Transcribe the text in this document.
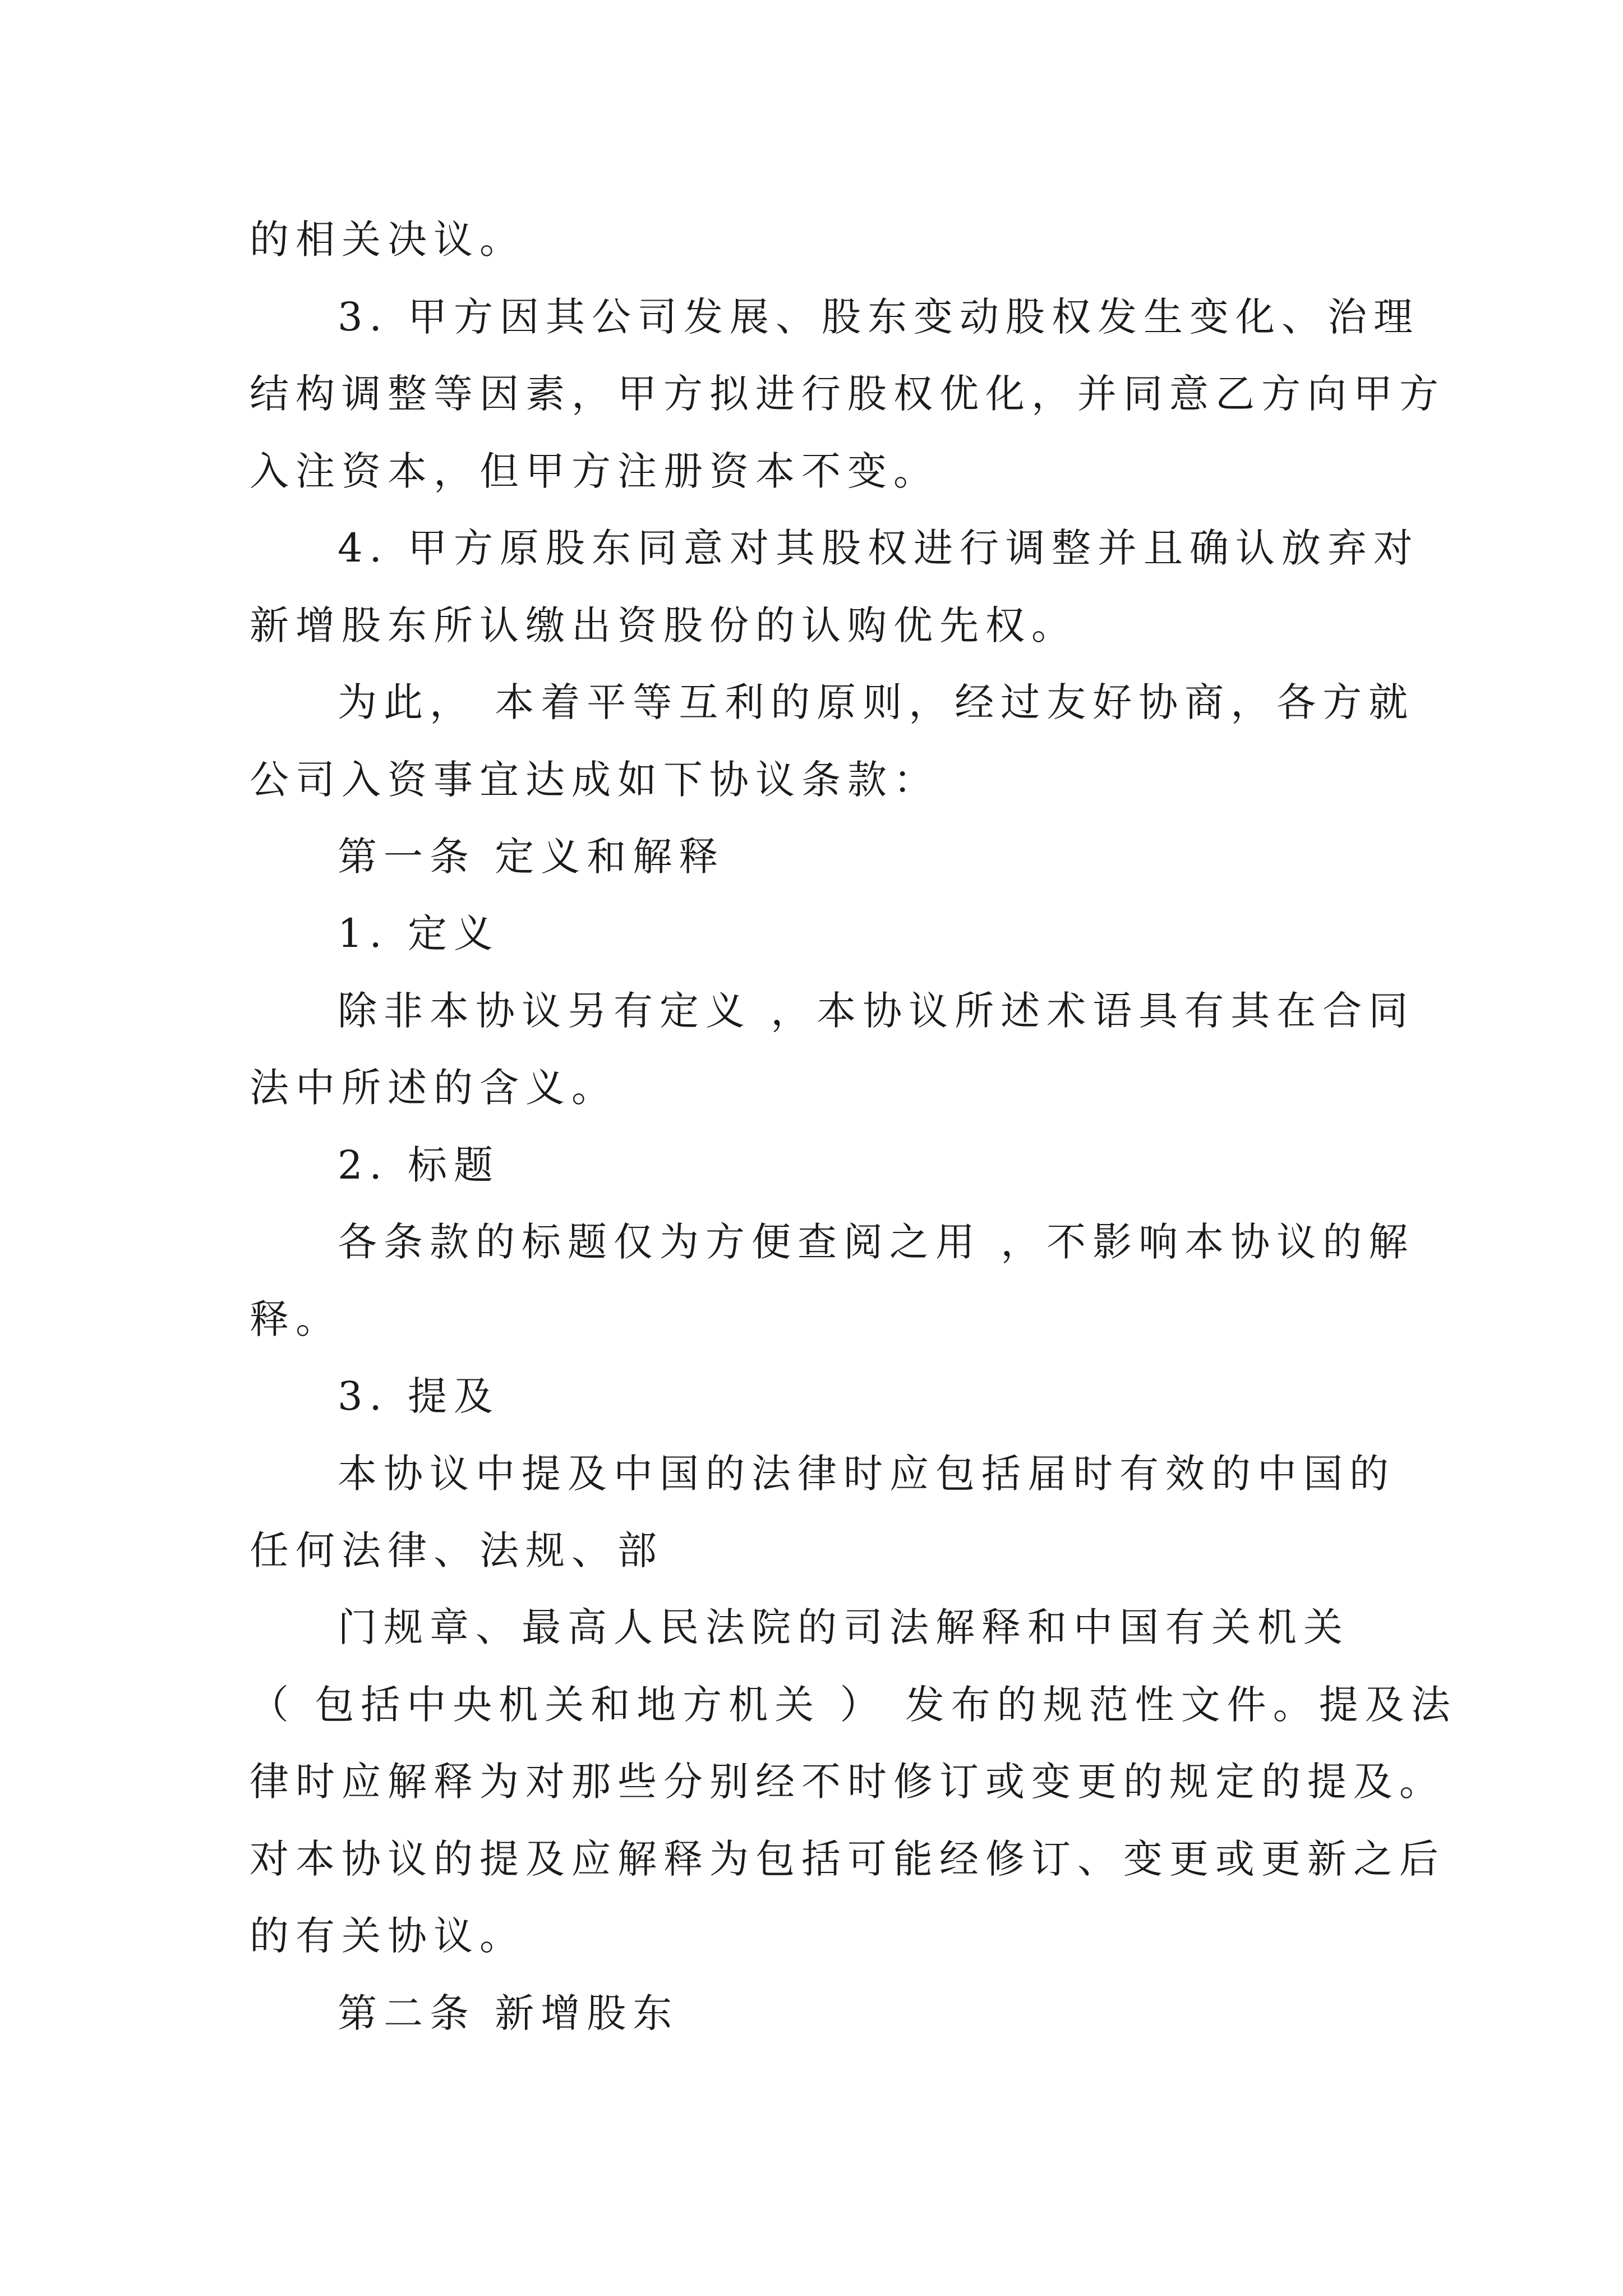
的相关决议。
3. 甲方因其公司发展、股东变动股权发生变化、治理
结构调整等因素，甲方拟进行股权优化，并同意乙方向甲方
入注资本，但甲方注册资本不变。
4. 甲方原股东同意对其股权进行调整并且确认放弃对
新增股东所认缴出资股份的认购优先权。
为此， 本着平等互利的原则，经过友好协商，各方就
公司入资事宜达成如下协议条款：
第一条 定义和解释
1. 定义
除非本协议另有定义 ，本协议所述术语具有其在合同
法中所述的含义。
2. 标题
各条款的标题仅为方便查阅之用 ，不影响本协议的解
释。
3. 提及
本协议中提及中国的法律时应包括届时有效的中国的
任何法律、法规、部
门规章、最高人民法院的司法解释和中国有关机关
（ 包括中央机关和地方机关 ） 发布的规范性文件。提及法
律时应解释为对那些分别经不时修订或变更的规定的提及。
对本协议的提及应解释为包括可能经修订、变更或更新之后
的有关协议。
第二条 新增股东
